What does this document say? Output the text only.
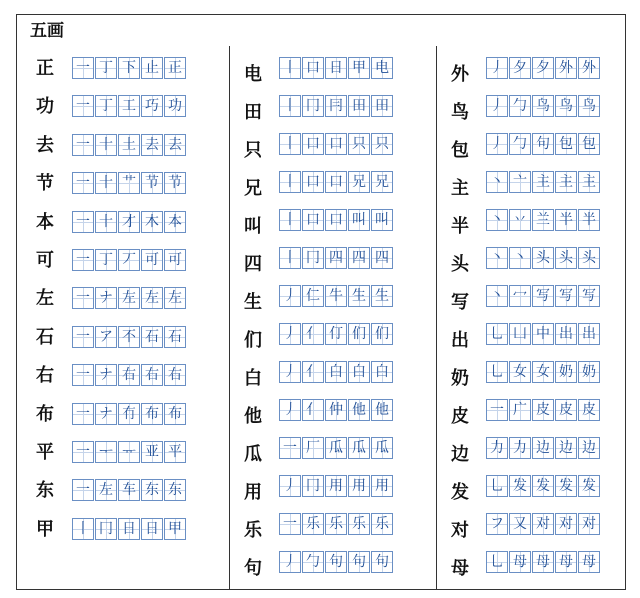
五画
正 一 丁 下 止 正
功 一 丁 工 巧 功
去 一 十 土 去 去
节 一 十 艹 节 节
本 一 十 才 木 本
可 一 丁 丆 可 可
左 一 ナ 左 左 左
石 一 ア 不 石 石
右 一 ナ 右 右 右
布 一 ナ 冇 布 布
平 一 ᅮ ᅲ 亚 平
东 一 左 车 东 东
甲 丨 冂 日 日 甲
电 丨 口 日 甲 电
田 丨 冂 冃 田 田
只 丨 口 口 只 只
兄 丨 口 口 兄 兄
叫 丨 口 口 叫 叫
四 丨 冂 四 四 四
生 丿 仁 牛 生 生
们 丿 亻 仃 们 们
白 丿 亻 白 白 白
他 丿 亻 仲 他 他
瓜 一 厂 瓜 瓜 瓜
用 丿 冂 用 用 用
乐 一 乐 乐 乐 乐
句 丿 勹 句 句 句
外 丿 夕 夕 外 外
鸟 丿 勹 鸟 鸟 鸟
包 丿 勹 句 包 包
主 丶 亠 主 主 主
半 丶 丷 兰 半 半
头 丶 丶 头 头 头
写 丶 冖 写 写 写
出 乚 凵 中 出 出
奶 乚 女 女 奶 奶
皮 一 广 皮 皮 皮
边 力 力 边 边 边
发 乚 发 发 发 发
对 フ 又 对 对 对
母 乚 母 母 母 母
